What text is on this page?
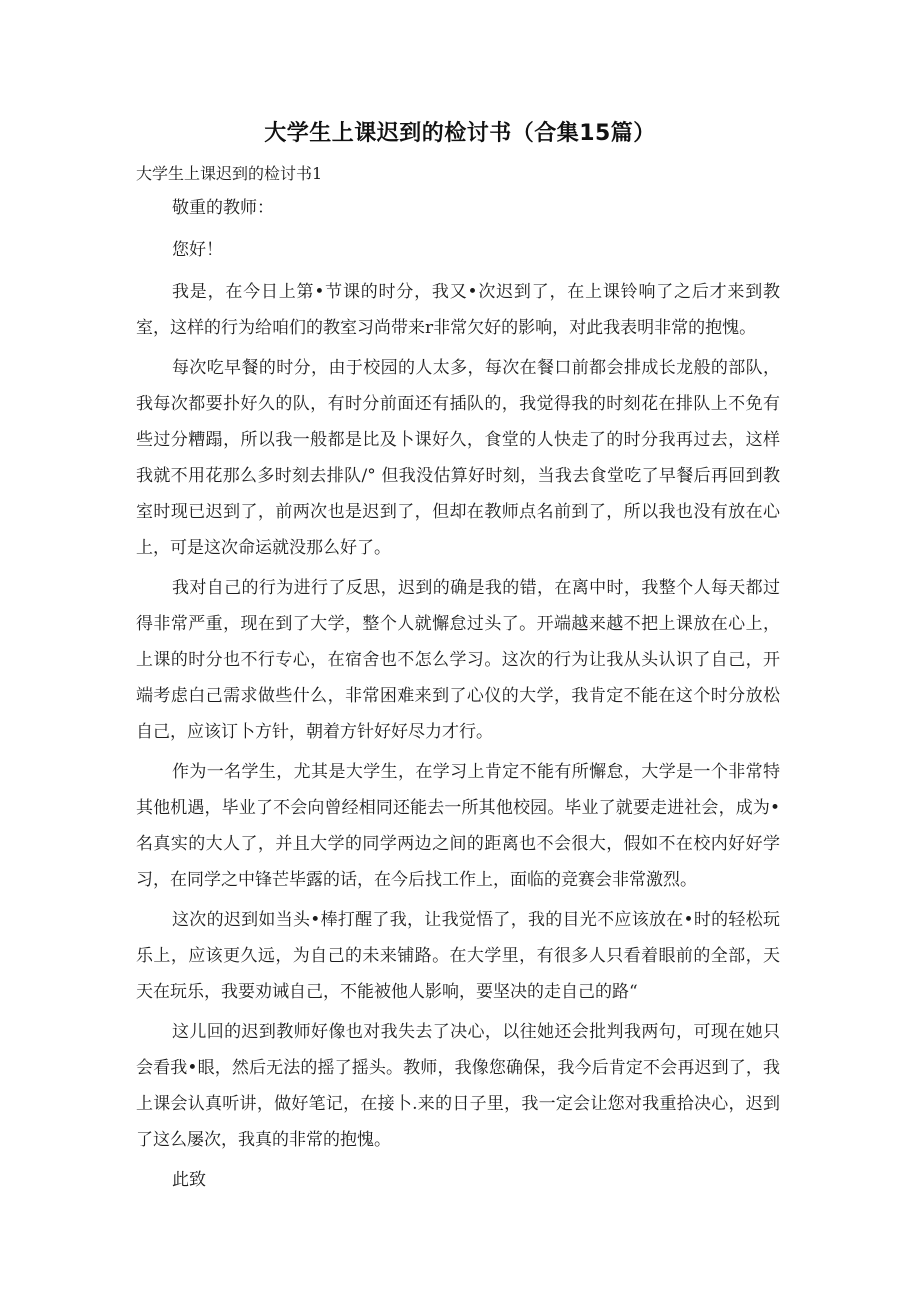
大学生上课迟到的检讨书（合集15篇）
大学生上课迟到的检讨书1

敬重的教师：

您好！

我是，在今日上第•节课的时分，我又•次迟到了，在上课铃响了之后才来到教室，这样的行为给咱们的教室习尚带来r非常欠好的影响，对此我表明非常的抱愧。

每次吃早餐的时分，由于校园的人太多，每次在餐口前都会排成长龙般的部队，我每次都要扑好久的队，有时分前面还有插队的，我觉得我的时刻花在排队上不免有些过分糟蹋，所以我一般都是比及卜课好久，食堂的人快走了的时分我再过去，这样我就不用花那么多时刻去排队/° 但我没估算好时刻，当我去食堂吃了早餐后再回到教室时现已迟到了，前两次也是迟到了，但却在教师点名前到了，所以我也没有放在心上，可是这次命运就没那么好了。

我对自己的行为进行了反思，迟到的确是我的错，在离中时，我整个人每天都过得非常严重，现在到了大学，整个人就懈怠过头了。开端越来越不把上课放在心上，上课的时分也不行专心，在宿舍也不怎么学习。这次的行为让我从头认识了自己，开端考虑白己需求做些什么，非常困难来到了心仪的大学，我肯定不能在这个时分放松自己，应该订卜方针，朝着方针好好尽力才行。

作为一名学生，尤其是大学生，在学习上肯定不能有所懈怠，大学是一个非常特其他机遇，毕业了不会向曾经相同还能去一所其他校园。毕业了就要走进社会，成为•名真实的大人了，并且大学的同学两边之间的距离也不会很大，假如不在校内好好学习，在同学之中锋芒毕露的话，在今后找工作上，面临的竞赛会非常激烈。

这次的迟到如当头•棒打醒了我，让我觉悟了，我的目光不应该放在•时的轻松玩乐上，应该更久远，为自己的未来铺路。在大学里，有很多人只看着眼前的全部，天天在玩乐，我要劝诫自己，不能被他人影响，要坚决的走自己的路“

这儿回的迟到教师好像也对我失去了决心，以往她还会批判我两句，可现在她只会看我•眼，然后无法的摇了摇头。教师，我像您确保，我今后肯定不会再迟到了，我上课会认真听讲，做好笔记，在接卜.来的日子里，我一定会让您对我重拾决心，迟到了这么屡次，我真的非常的抱愧。

此致
